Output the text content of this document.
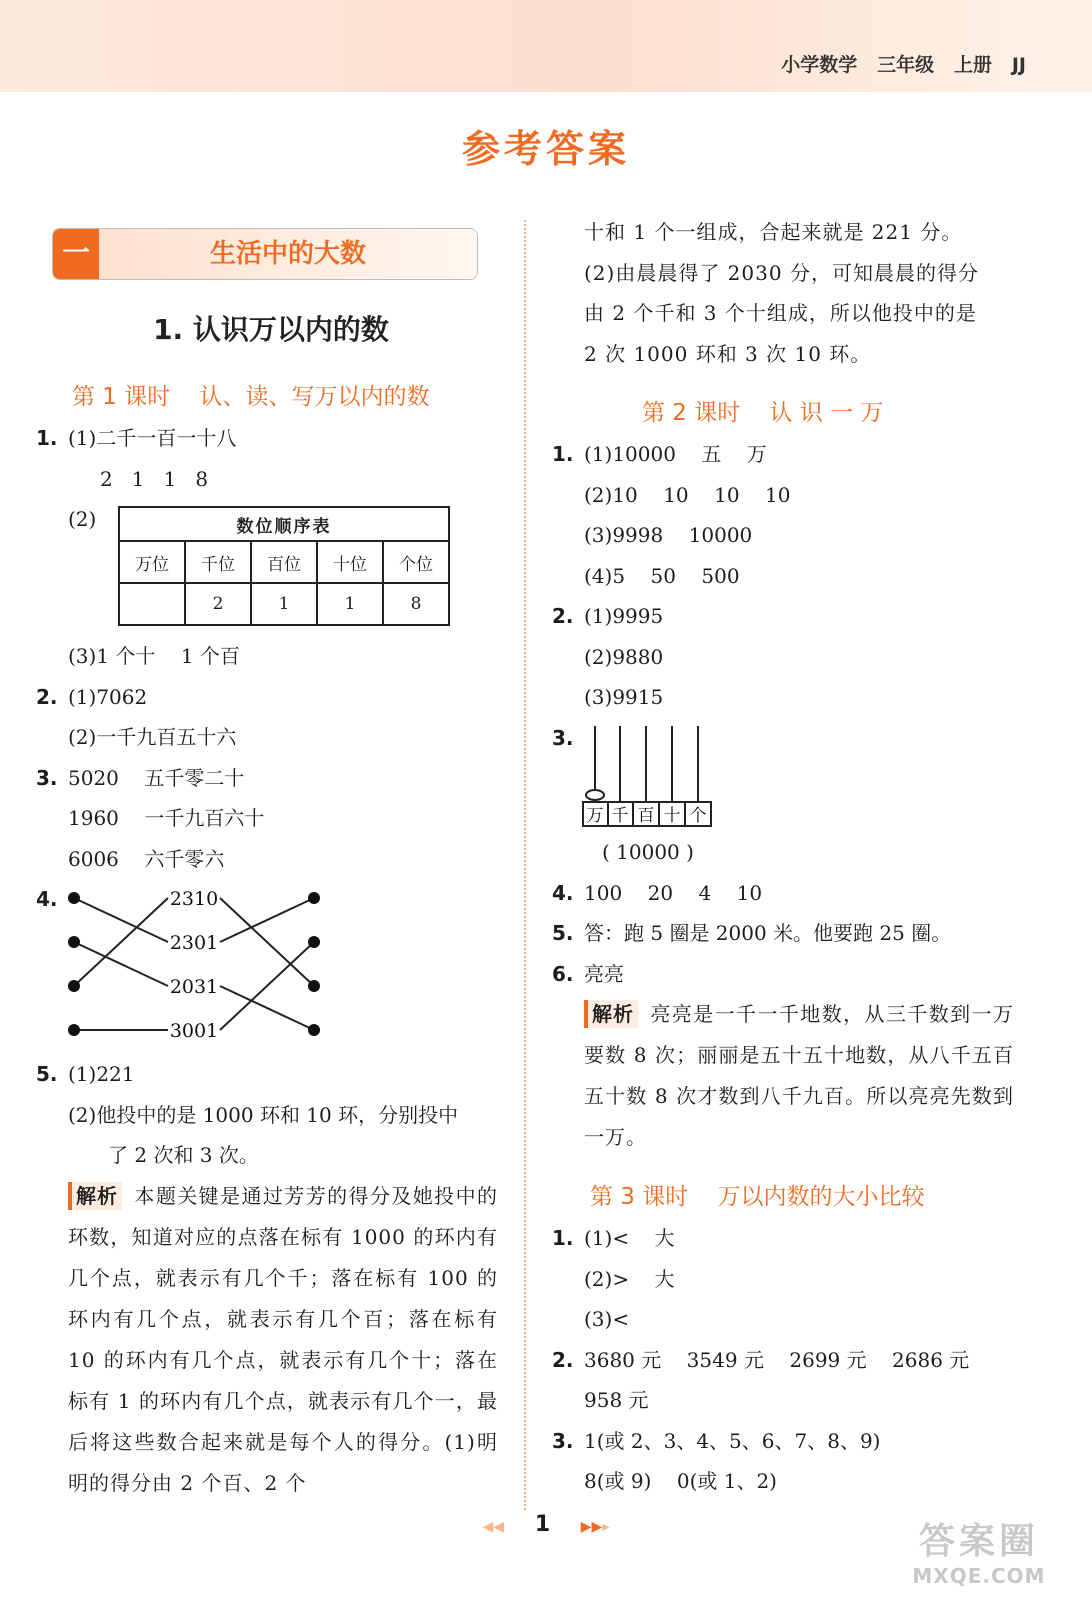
小学数学 三年级 上册 JJ
参考答案
一	生活中的大数
1. 认识万以内的数
第 1 课时    认、读、写万以内的数
1. (1)二千一百一十八
2   1   1   8
(2)	数位顺序表				
万位	千位	百位	十位	个位
	2	1	1	8
(3)1 个十    1 个百
2. (1)7062
(2)一千九百五十六
3. 5020    五千零二十
1960    一千九百六十
6006    六千零六
4.	2310
2301
2031
3001
5. (1)221
(2)他投中的是 1000 环和 10 环，分别投中
了 2 次和 3 次。
解析 本题关键是通过芳芳的得分及她投中的环数，知道对应的点落在标有 1000 的环内有几个点，就表示有几个千；落在标有 100 的环内有几个点，就表示有几个百；落在标有 10 的环内有几个点，就表示有几个十；落在标有 1 的环内有几个点，就表示有几个一，最后将这些数合起来就是每个人的得分。(1)明明的得分由 2 个百、2 个
十和 1 个一组成，合起来就是 221 分。
(2)由晨晨得了 2030 分，可知晨晨的得分
由 2 个千和 3 个十组成，所以他投中的是
2 次 1000 环和 3 次 10 环。
第 2 课时    认 识 一 万
1. (1)10000    五    万
(2)10    10    10    10
(3)9998    10000
(4)5    50    500
2. (1)9995
(2)9880
(3)9915
3.
万 千 百 十 个
( 10000 )
4. 100    20    4    10
5. 答：跑 5 圈是 2000 米。他要跑 25 圈。
6. 亮亮
解析 亮亮是一千一千地数，从三千数到一万要数 8 次；丽丽是五十五十地数，从八千五百五十数 8 次才数到八千九百。所以亮亮先数到一万。
第 3 课时    万以内数的大小比较
1. (1)<    大
(2)>    大
(3)<
2. 3680 元    3549 元    2699 元    2686 元
958 元
3. 1(或 2、3、4、5、6、7、8、9)
8(或 9)    0(或 1、2)
◀◀ 1 ▶▶▸	答案圈
MXQE.COM
